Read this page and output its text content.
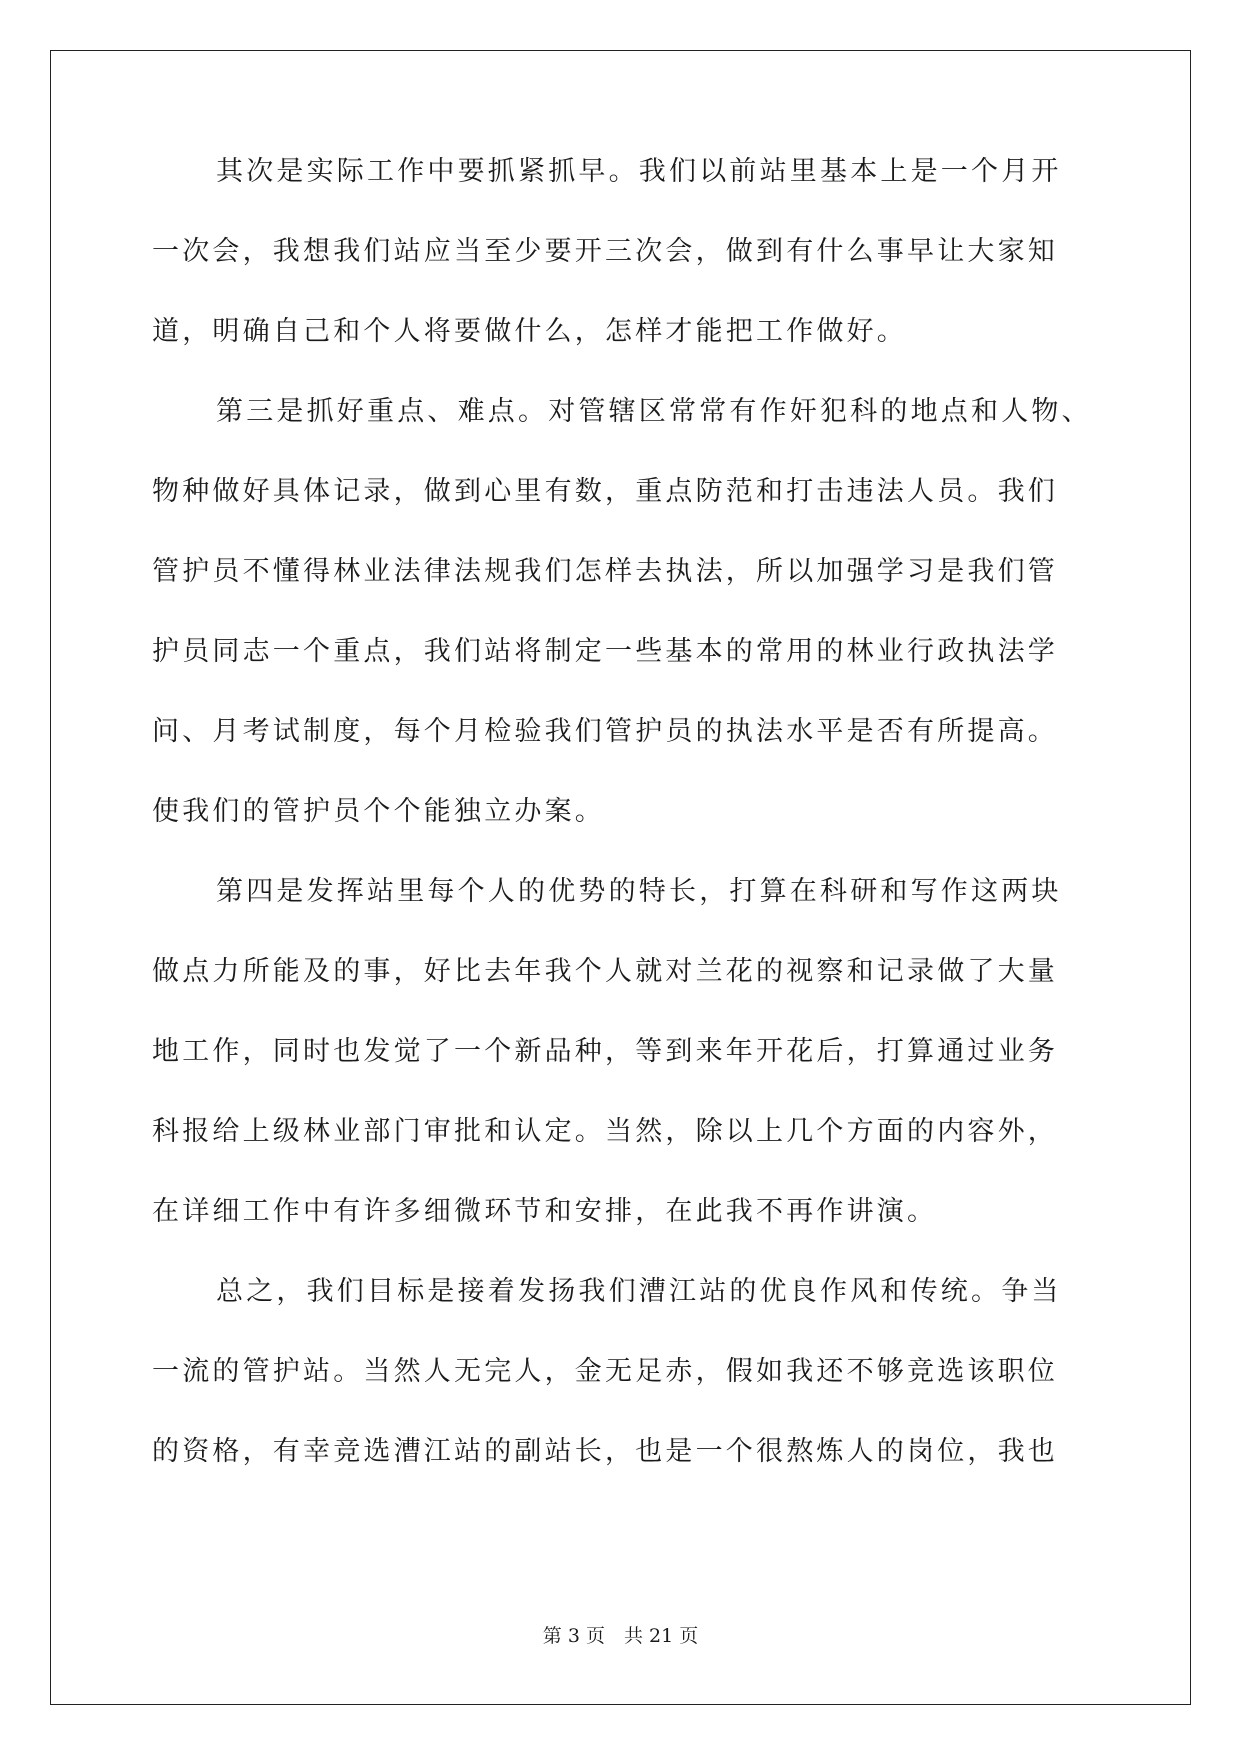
其次是实际工作中要抓紧抓早。我们以前站里基本上是一个月开
一次会，我想我们站应当至少要开三次会，做到有什么事早让大家知
道，明确自己和个人将要做什么，怎样才能把工作做好。
第三是抓好重点、难点。对管辖区常常有作奸犯科的地点和人物、
物种做好具体记录，做到心里有数，重点防范和打击违法人员。我们
管护员不懂得林业法律法规我们怎样去执法，所以加强学习是我们管
护员同志一个重点，我们站将制定一些基本的常用的林业行政执法学
问、月考试制度，每个月检验我们管护员的执法水平是否有所提高。
使我们的管护员个个能独立办案。
第四是发挥站里每个人的优势的特长，打算在科研和写作这两块
做点力所能及的事，好比去年我个人就对兰花的视察和记录做了大量
地工作，同时也发觉了一个新品种，等到来年开花后，打算通过业务
科报给上级林业部门审批和认定。当然，除以上几个方面的内容外，
在详细工作中有许多细微环节和安排，在此我不再作讲演。
总之，我们目标是接着发扬我们漕江站的优良作风和传统。争当
一流的管护站。当然人无完人，金无足赤，假如我还不够竞选该职位
的资格，有幸竞选漕江站的副站长，也是一个很熬炼人的岗位，我也
第 3 页　共 21 页
